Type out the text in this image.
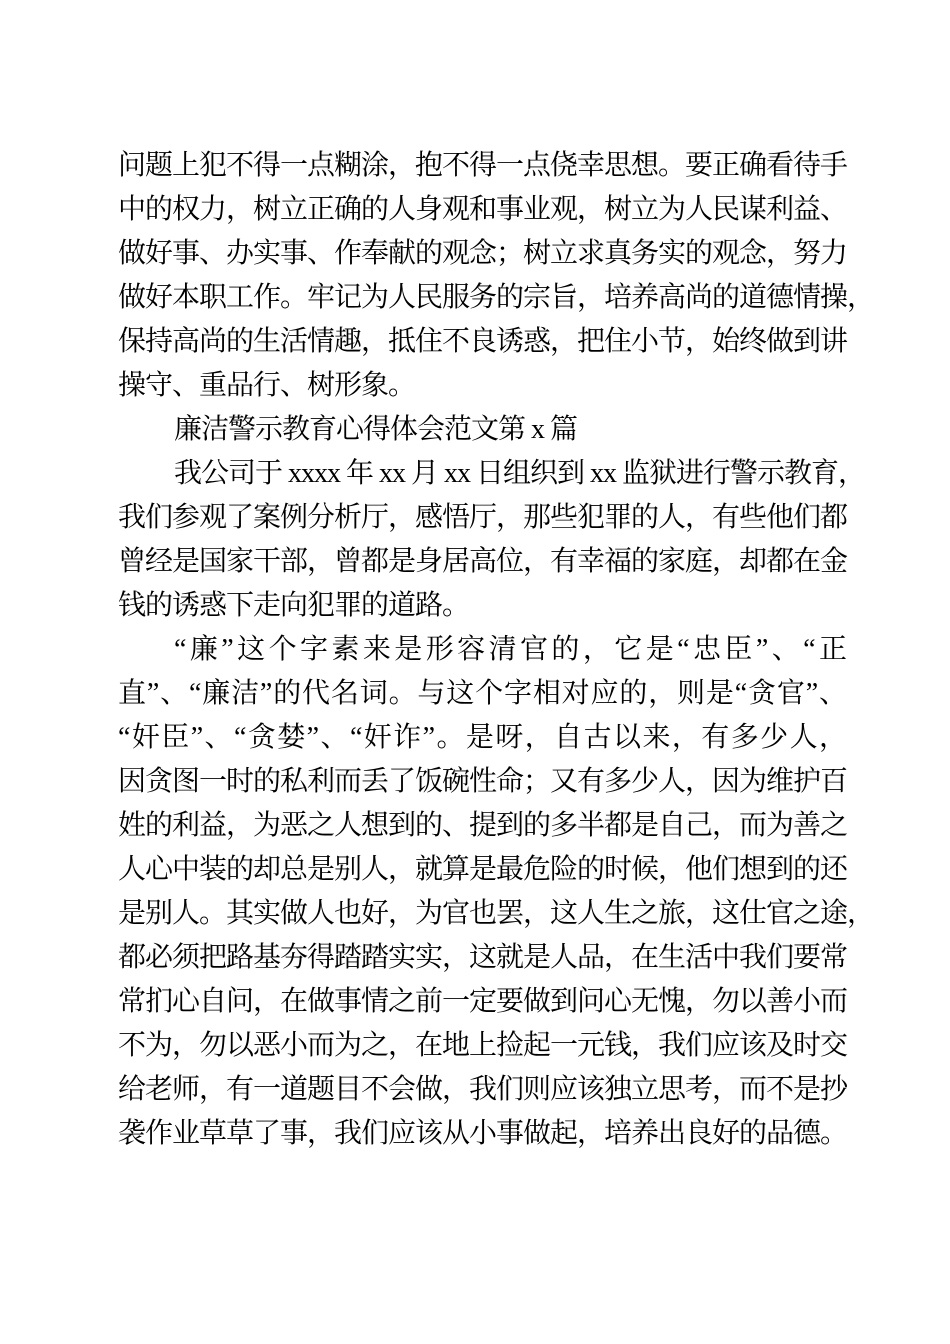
问题上犯不得一点糊涂，抱不得一点侥幸思想。要正确看待手
中的权力，树立正确的人身观和事业观，树立为人民谋利益、
做好事、办实事、作奉献的观念；树立求真务实的观念，努力
做好本职工作。牢记为人民服务的宗旨，培养高尚的道德情操，
保持高尚的生活情趣，抵住不良诱惑，把住小节，始终做到讲
操守、重品行、树形象。
廉洁警示教育心得体会范文第 x 篇
我公司于 xxxx 年 xx 月 xx 日组织到 xx 监狱进行警示教育，
我们参观了案例分析厅，感悟厅，那些犯罪的人，有些他们都
曾经是国家干部，曾都是身居高位，有幸福的家庭，却都在金
钱的诱惑下走向犯罪的道路。
“廉”这个字素来是形容清官的，它是“忠臣”、“正
直”、“廉洁”的代名词。与这个字相对应的，则是“贪官”、
“奸臣”、“贪婪”、“奸诈”。是呀，自古以来，有多少人，
因贪图一时的私利而丢了饭碗性命；又有多少人，因为维护百
姓的利益，为恶之人想到的、提到的多半都是自己，而为善之
人心中装的却总是别人，就算是最危险的时候，他们想到的还
是别人。其实做人也好，为官也罢，这人生之旅，这仕官之途，
都必须把路基夯得踏踏实实，这就是人品，在生活中我们要常
常扪心自问，在做事情之前一定要做到问心无愧，勿以善小而
不为，勿以恶小而为之，在地上捡起一元钱，我们应该及时交
给老师，有一道题目不会做，我们则应该独立思考，而不是抄
袭作业草草了事，我们应该从小事做起，培养出良好的品德。
